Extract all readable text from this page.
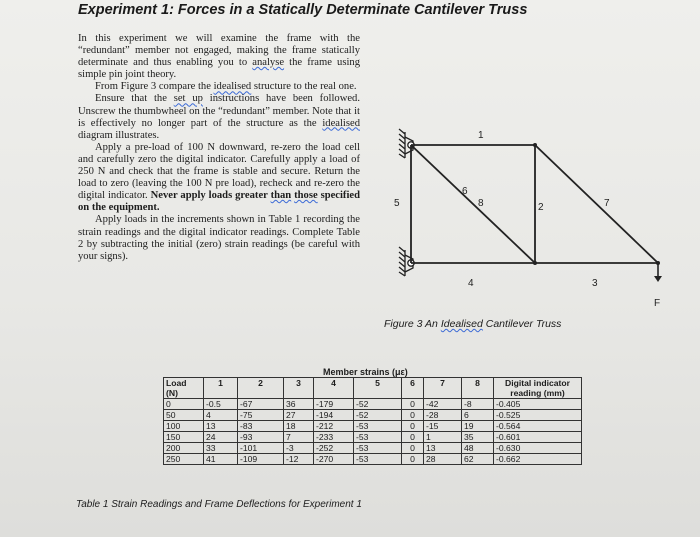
Experiment 1: Forces in a Statically Determinate Cantilever Truss

In this experiment we will examine the frame with the “redundant” member not engaged, making the frame statically determinate and thus enabling you to analyse the frame using simple pin joint theory.

From Figure 3 compare the idealised structure to the real one.

Ensure that the set up instructions have been followed. Unscrew the thumbwheel on the “redundant” member. Note that it is effectively no longer part of the structure as the idealised diagram illustrates.

Apply a pre-load of 100 N downward, re-zero the load cell and carefully zero the digital indicator. Carefully apply a load of 250 N and check that the frame is stable and secure. Return the load to zero (leaving the 100 N pre load), recheck and re-zero the digital indicator. Never apply loads greater than those specified on the equipment.

Apply loads in the increments shown in Table 1 recording the strain readings and the digital indicator readings. Complete Table 2 by subtracting the initial (zero) strain readings (be careful with your signs).

1
2
3
4
5
6
7
8
F
Figure 3 An Idealised Cantilever Truss
Member strains (με)
Load
(N)	1	2	3	4	5	6	7	8	Digital indicator reading (mm)
0	-0.5	-67	36	-179	-52	0	-42	-8	-0.405
50	4	-75	27	-194	-52	0	-28	6	-0.525
100	13	-83	18	-212	-53	0	-15	19	-0.564
150	24	-93	7	-233	-53	0	1	35	-0.601
200	33	-101	-3	-252	-53	0	13	48	-0.630
250	41	-109	-12	-270	-53	0	28	62	-0.662
Table 1 Strain Readings and Frame Deflections for Experiment 1
